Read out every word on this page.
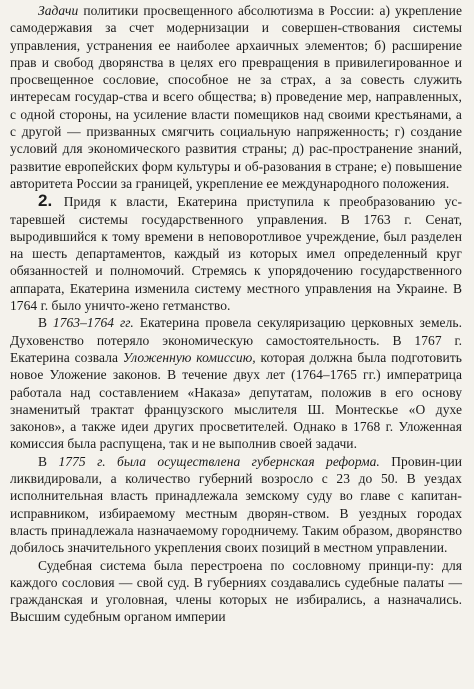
Задачи политики просвещенного абсолютизма в России: а) укрепление самодержавия за счет модернизации и совершен-ствования системы управления, устранения ее наиболее архаичных элементов; б) расширение прав и свобод дворянства в целях его превращения в привилегированное и просвещенное сословие, способное не за страх, а за совесть служить интересам государ-ства и всего общества; в) проведение мер, направленных, с одной стороны, на усиление власти помещиков над своими крестьянами, а с другой — призванных смягчить социальную напряженность; г) создание условий для экономического развития страны; д) рас-пространение знаний, развитие европейских форм культуры и об-разования в стране; е) повышение авторитета России за границей, укрепление ее международного положения.

2. Придя к власти, Екатерина приступила к преобразованию ус-таревшей системы государственного управления. В 1763 г. Сенат, выродившийся к тому времени в неповоротливое учреждение, был разделен на шесть департаментов, каждый из которых имел определенный круг обязанностей и полномочий. Стремясь к упорядочению государственного аппарата, Екатерина изменила систему местного управления на Украине. В 1764 г. было уничто-жено гетманство.

В 1763–1764 гг. Екатерина провела секуляризацию церковных земель. Духовенство потеряло экономическую самостоятельность. В 1767 г. Екатерина созвала Уложенную комиссию, которая должна была подготовить новое Уложение законов. В течение двух лет (1764–1765 гг.) императрица работала над составлением «Наказа» депутатам, положив в его основу знаменитый трактат французского мыслителя Ш. Монтескье «О духе законов», а также идеи других просветителей. Однако в 1768 г. Уложенная комиссия была распущена, так и не выполнив своей задачи.

В 1775 г. была осуществлена губернская реформа. Провин-ции ликвидировали, а количество губерний возросло с 23 до 50. В уездах исполнительная власть принадлежала земскому суду во главе с капитан-исправником, избираемому местным дворян-ством. В уездных городах власть принадлежала назначаемому городничему. Таким образом, дворянство добилось значительного укрепления своих позиций в местном управлении.

Судебная система была перестроена по сословному принци-пу: для каждого сословия — свой суд. В губерниях создавались судебные палаты — гражданская и уголовная, члены которых не избирались, а назначались. Высшим судебным органом империи
